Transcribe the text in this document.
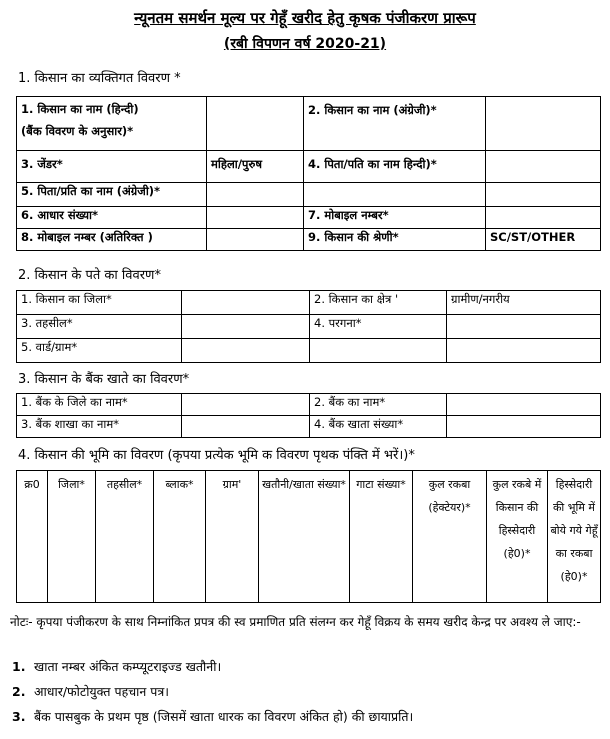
न्यूनतम समर्थन मूल्य पर गेहूँ खरीद हेतु कृषक पंजीकरण प्रारूप
(रबी विपणन वर्ष 2020-21)
1. किसान का व्यक्तिगत विवरण *
1. किसान का नाम (हिन्दी)
(बैंक विवरण के अनुसार)*		2. किसान का नाम (अंग्रेजी)*	
3. जेंडर*	महिला/पुरुष	4. पिता/पति का नाम हिन्दी)*	
5. पिता/प्रति का नाम (अंग्रेजी)*			
6. आधार संख्या*		7. मोबाइल नम्बर*	
8. मोबाइल नम्बर (अतिरिक्त )		9. किसान की श्रेणी*	SC/ST/OTHER
2. किसान के पते का विवरण*
1. किसान का जिला*		2. किसान का क्षेत्र '	ग्रामीण/नगरीय
3. तहसील*		4. परगना*	
5. वार्ड/ग्राम*			
3. किसान के बैंक खाते का विवरण*
1. बैंक के जिले का नाम*		2. बैंक का नाम*	
3. बैंक शाखा का नाम*		4. बैंक खाता संख्या*	
4. किसान की भूमि का विवरण (कृपया प्रत्येक भूमि क विवरण पृथक पंक्ति में भरें।)*
क्र0	जिला*	तहसील*	ब्लाक*	ग्राम'	खतौनी/खाता संख्या*	गाटा संख्या*	कुल रकबा (हेक्टेयर)*	कुल रकबे में किसान की हिस्सेदारी (हे0)*	हिस्सेदारी की भूमि में बोये गये गेहूँ का रकबा (हे0)*
नोटः- कृपया पंजीकरण के साथ निम्नांकित प्रपत्र की स्व प्रमाणित प्रति संलग्न कर गेहूँ विक्रय के समय खरीद केन्द्र पर अवश्य ले जाए:-
1. खाता नम्बर अंकित कम्प्यूटराइज्ड खतौनी।
2. आधार/फोटोयुक्त पहचान पत्र।
3. बैंक पासबुक के प्रथम पृष्ठ (जिसमें खाता धारक का विवरण अंकित हो) की छायाप्रति।
